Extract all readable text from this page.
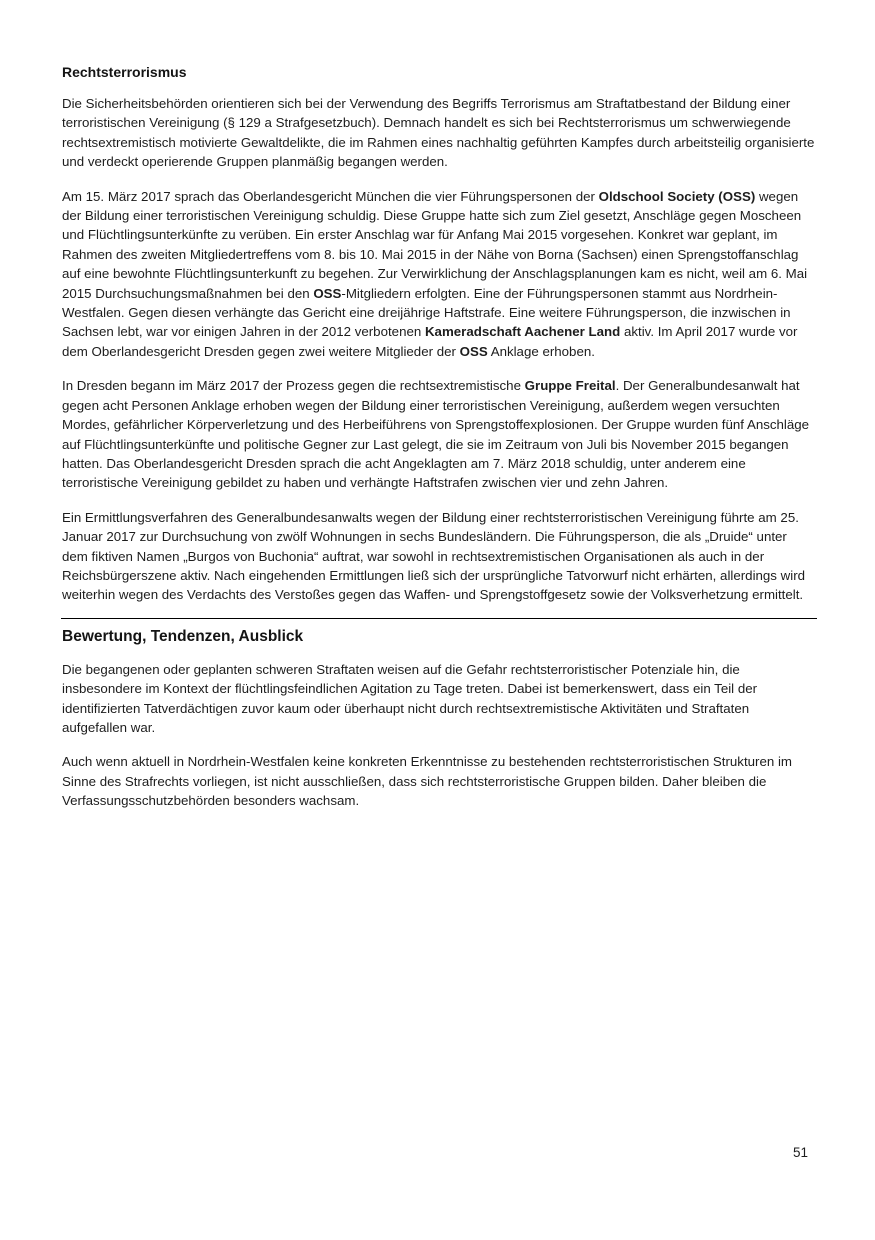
Rechtsterrorismus

Die Sicherheitsbehörden orientieren sich bei der Verwendung des Begriffs Terrorismus am Straftatbestand der Bildung einer terroristischen Vereinigung (§ 129 a Strafgesetzbuch). Demnach handelt es sich bei Rechtsterrorismus um schwerwiegende rechtsextremistisch motivierte Gewaltdelikte, die im Rahmen eines nachhaltig geführten Kampfes durch arbeitsteilig organisierte und verdeckt operierende Gruppen planmäßig begangen werden.

Am 15. März 2017 sprach das Oberlandesgericht München die vier Führungspersonen der Oldschool Society (OSS) wegen der Bildung einer terroristischen Vereinigung schuldig. Diese Gruppe hatte sich zum Ziel gesetzt, Anschläge gegen Moscheen und Flüchtlingsunterkünfte zu verüben. Ein erster Anschlag war für Anfang Mai 2015 vorgesehen. Konkret war geplant, im Rahmen des zweiten Mitgliedertreffens vom 8. bis 10. Mai 2015 in der Nähe von Borna (Sachsen) einen Sprengstoffanschlag auf eine bewohnte Flüchtlingsunterkunft zu begehen. Zur Verwirklichung der Anschlagsplanungen kam es nicht, weil am 6. Mai 2015 Durchsuchungsmaßnahmen bei den OSS-Mitgliedern erfolgten. Eine der Führungspersonen stammt aus Nordrhein-Westfalen. Gegen diesen verhängte das Gericht eine dreijährige Haftstrafe. Eine weitere Führungsperson, die inzwischen in Sachsen lebt, war vor einigen Jahren in der 2012 verbotenen Kameradschaft Aachener Land aktiv. Im April 2017 wurde vor dem Oberlandesgericht Dresden gegen zwei weitere Mitglieder der OSS Anklage erhoben.

In Dresden begann im März 2017 der Prozess gegen die rechtsextremistische Gruppe Freital. Der Generalbundesanwalt hat gegen acht Personen Anklage erhoben wegen der Bildung einer terroristischen Vereinigung, außerdem wegen versuchten Mordes, gefährlicher Körperverletzung und des Herbeiführens von Sprengstoffexplosionen. Der Gruppe wurden fünf Anschläge auf Flüchtlingsunterkünfte und politische Gegner zur Last gelegt, die sie im Zeitraum von Juli bis November 2015 begangen hatten. Das Oberlandesgericht Dresden sprach die acht Angeklagten am 7. März 2018 schuldig, unter anderem eine terroristische Vereinigung gebildet zu haben und verhängte Haftstrafen zwischen vier und zehn Jahren.

Ein Ermittlungsverfahren des Generalbundesanwalts wegen der Bildung einer rechtsterroristischen Vereinigung führte am 25. Januar 2017 zur Durchsuchung von zwölf Wohnungen in sechs Bundesländern. Die Führungsperson, die als „Druide“ unter dem fiktiven Namen „Burgos von Buchonia“ auftrat, war sowohl in rechtsextremistischen Organisationen als auch in der Reichsbürgerszene aktiv. Nach eingehenden Ermittlungen ließ sich der ursprüngliche Tatvorwurf nicht erhärten, allerdings wird weiterhin wegen des Verdachts des Verstoßes gegen das Waffen- und Sprengstoffgesetz sowie der Volksverhetzung ermittelt.

Bewertung, Tendenzen, Ausblick

Die begangenen oder geplanten schweren Straftaten weisen auf die Gefahr rechtsterroristischer Potenziale hin, die insbesondere im Kontext der flüchtlingsfeindlichen Agitation zu Tage treten. Dabei ist bemerkenswert, dass ein Teil der identifizierten Tatverdächtigen zuvor kaum oder überhaupt nicht durch rechtsextremistische Aktivitäten und Straftaten aufgefallen war.

Auch wenn aktuell in Nordrhein-Westfalen keine konkreten Erkenntnisse zu bestehenden rechtsterroristischen Strukturen im Sinne des Strafrechts vorliegen, ist nicht ausschließen, dass sich rechtsterroristische Gruppen bilden. Daher bleiben die Verfassungsschutzbehörden besonders wachsam.

51
